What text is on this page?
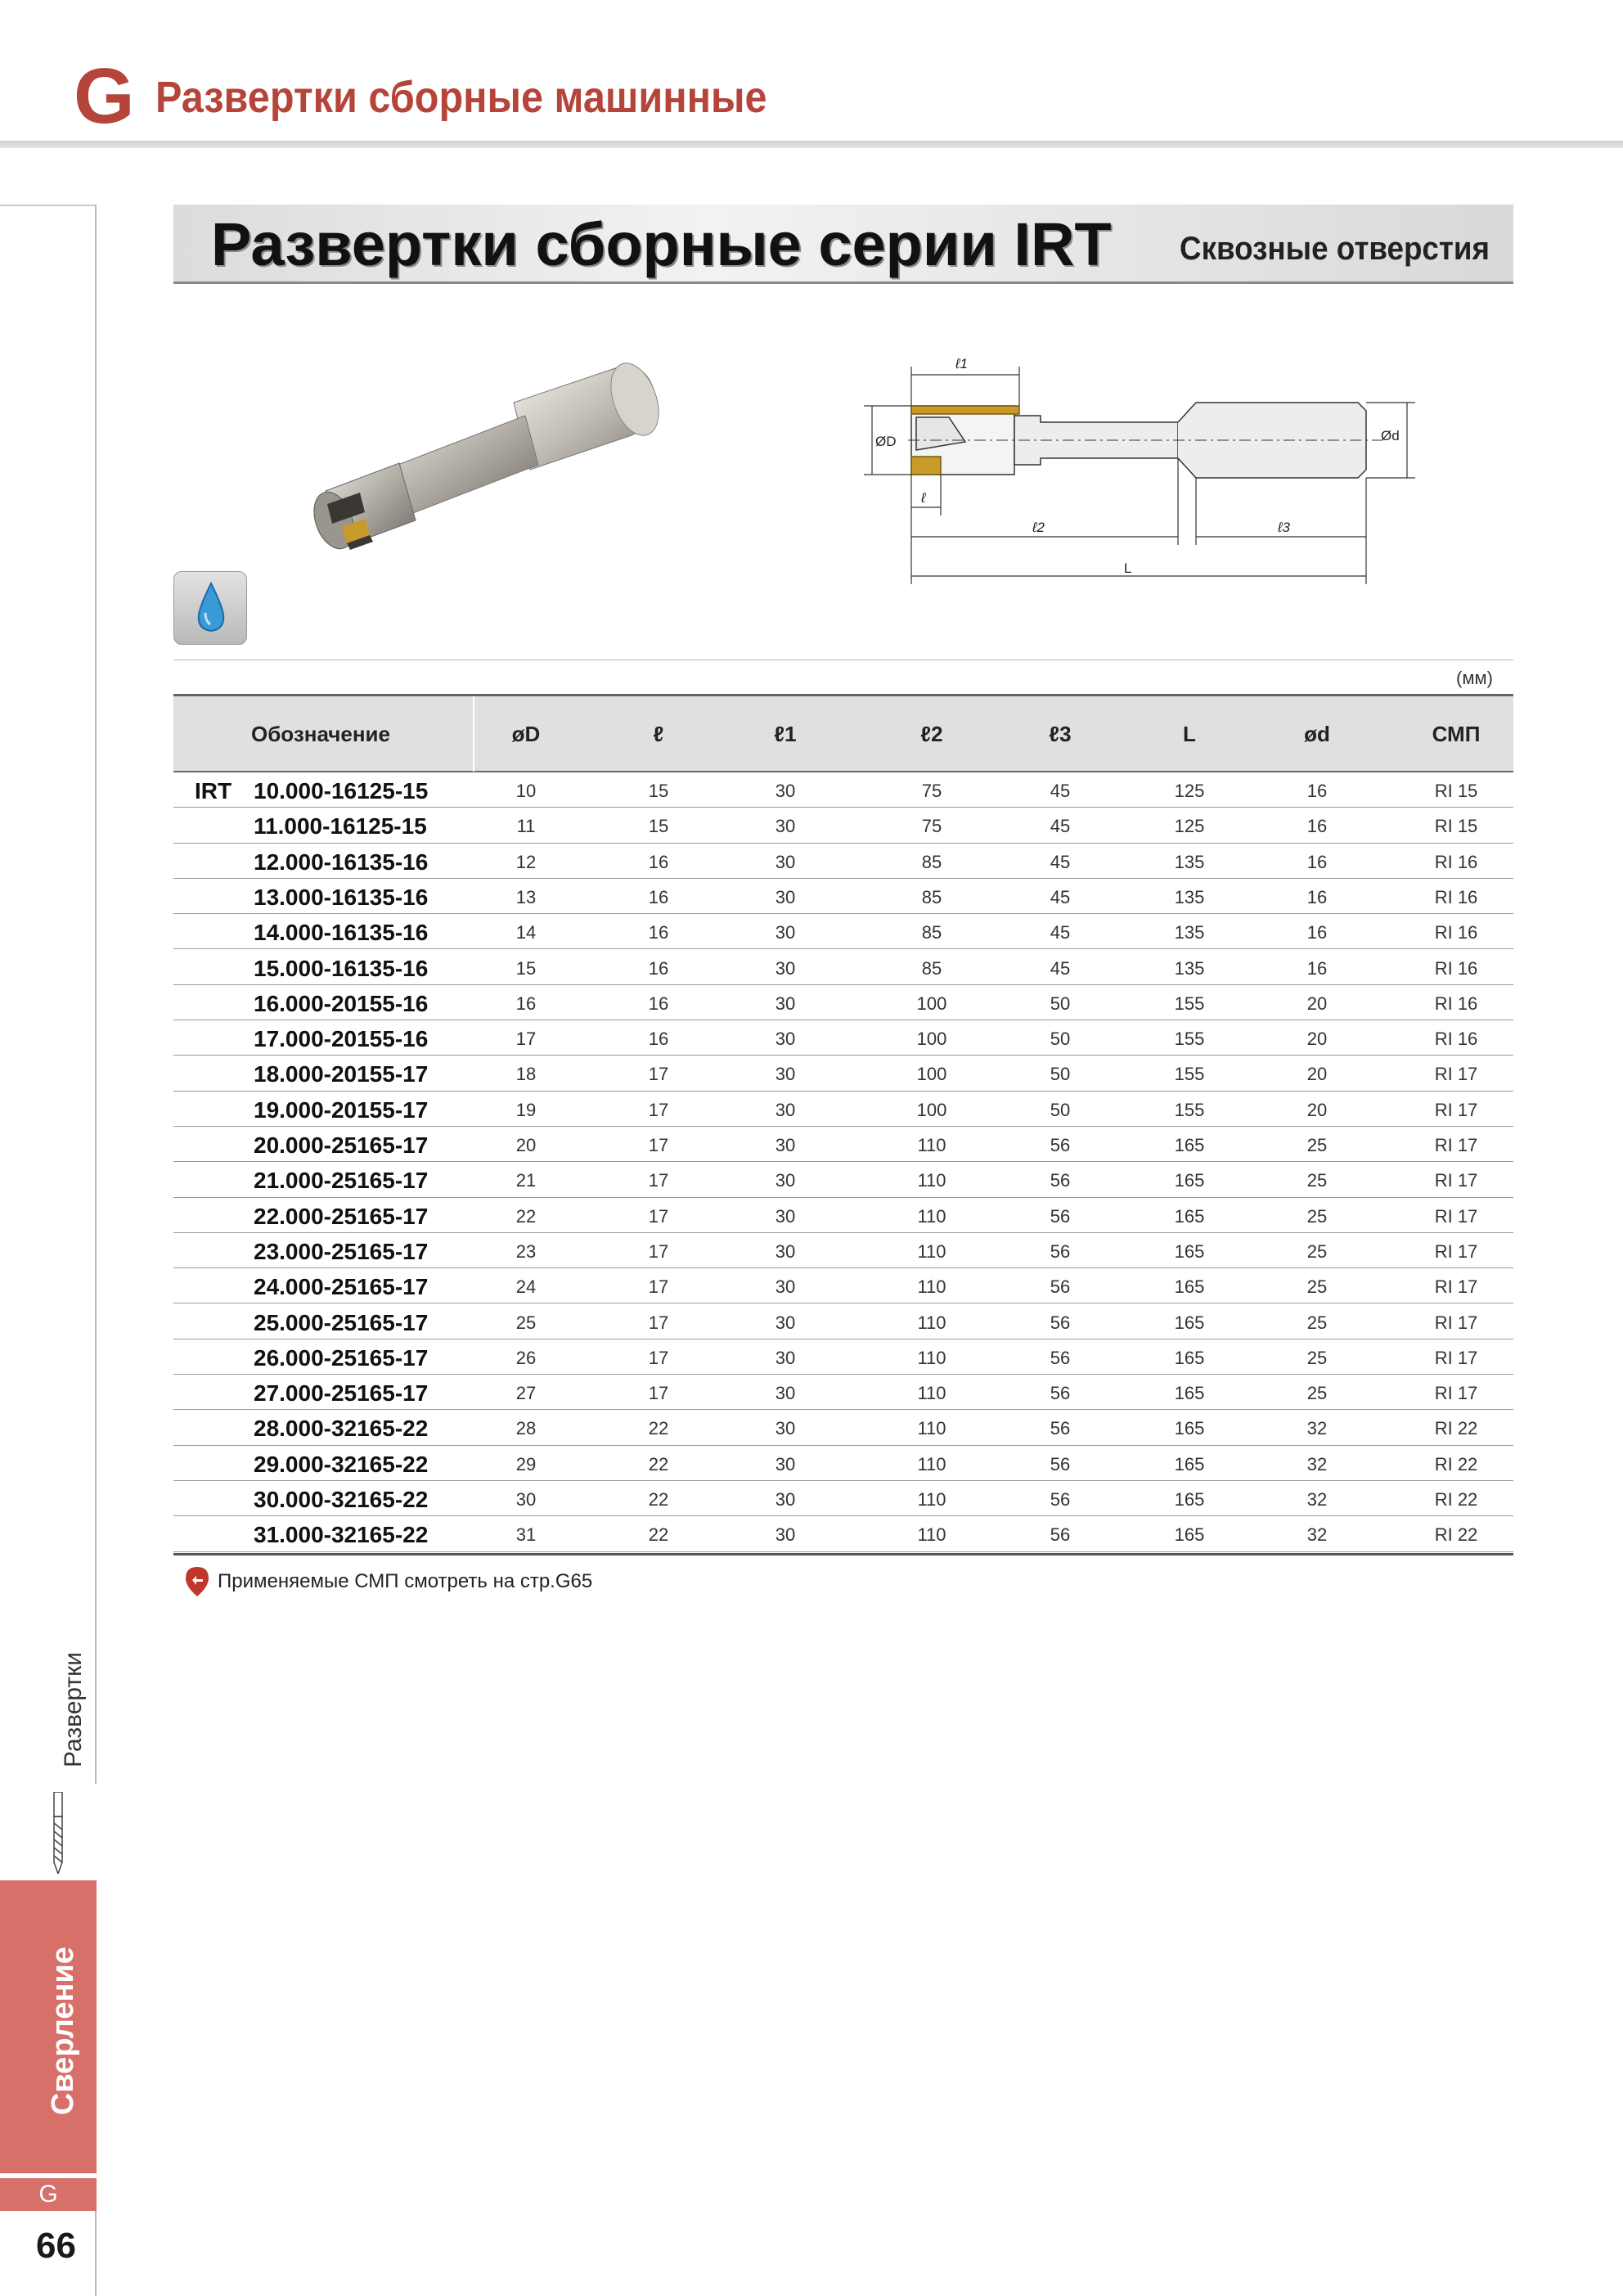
G Развертки сборные машинные
Развертки
Сверление
G
66
Развертки сборные серии IRT Сквозные отверстия
ℓ1
ℓ
ℓ2	ℓ3
ØD	Ød
L
(мм)
Обозначение	øD	ℓ	ℓ1	ℓ2	ℓ3	L	ød	СМП
IRT 10.000-16125-15	10	15	30	75	45	125	16	RI 15
11.000-16125-15	11	15	30	75	45	125	16	RI 15
12.000-16135-16	12	16	30	85	45	135	16	RI 16
13.000-16135-16	13	16	30	85	45	135	16	RI 16
14.000-16135-16	14	16	30	85	45	135	16	RI 16
15.000-16135-16	15	16	30	85	45	135	16	RI 16
16.000-20155-16	16	16	30	100	50	155	20	RI 16
17.000-20155-16	17	16	30	100	50	155	20	RI 16
18.000-20155-17	18	17	30	100	50	155	20	RI 17
19.000-20155-17	19	17	30	100	50	155	20	RI 17
20.000-25165-17	20	17	30	110	56	165	25	RI 17
21.000-25165-17	21	17	30	110	56	165	25	RI 17
22.000-25165-17	22	17	30	110	56	165	25	RI 17
23.000-25165-17	23	17	30	110	56	165	25	RI 17
24.000-25165-17	24	17	30	110	56	165	25	RI 17
25.000-25165-17	25	17	30	110	56	165	25	RI 17
26.000-25165-17	26	17	30	110	56	165	25	RI 17
27.000-25165-17	27	17	30	110	56	165	25	RI 17
28.000-32165-22	28	22	30	110	56	165	32	RI 22
29.000-32165-22	29	22	30	110	56	165	32	RI 22
30.000-32165-22	30	22	30	110	56	165	32	RI 22
31.000-32165-22	31	22	30	110	56	165	32	RI 22
Применяемые СМП смотреть на стр.G65
